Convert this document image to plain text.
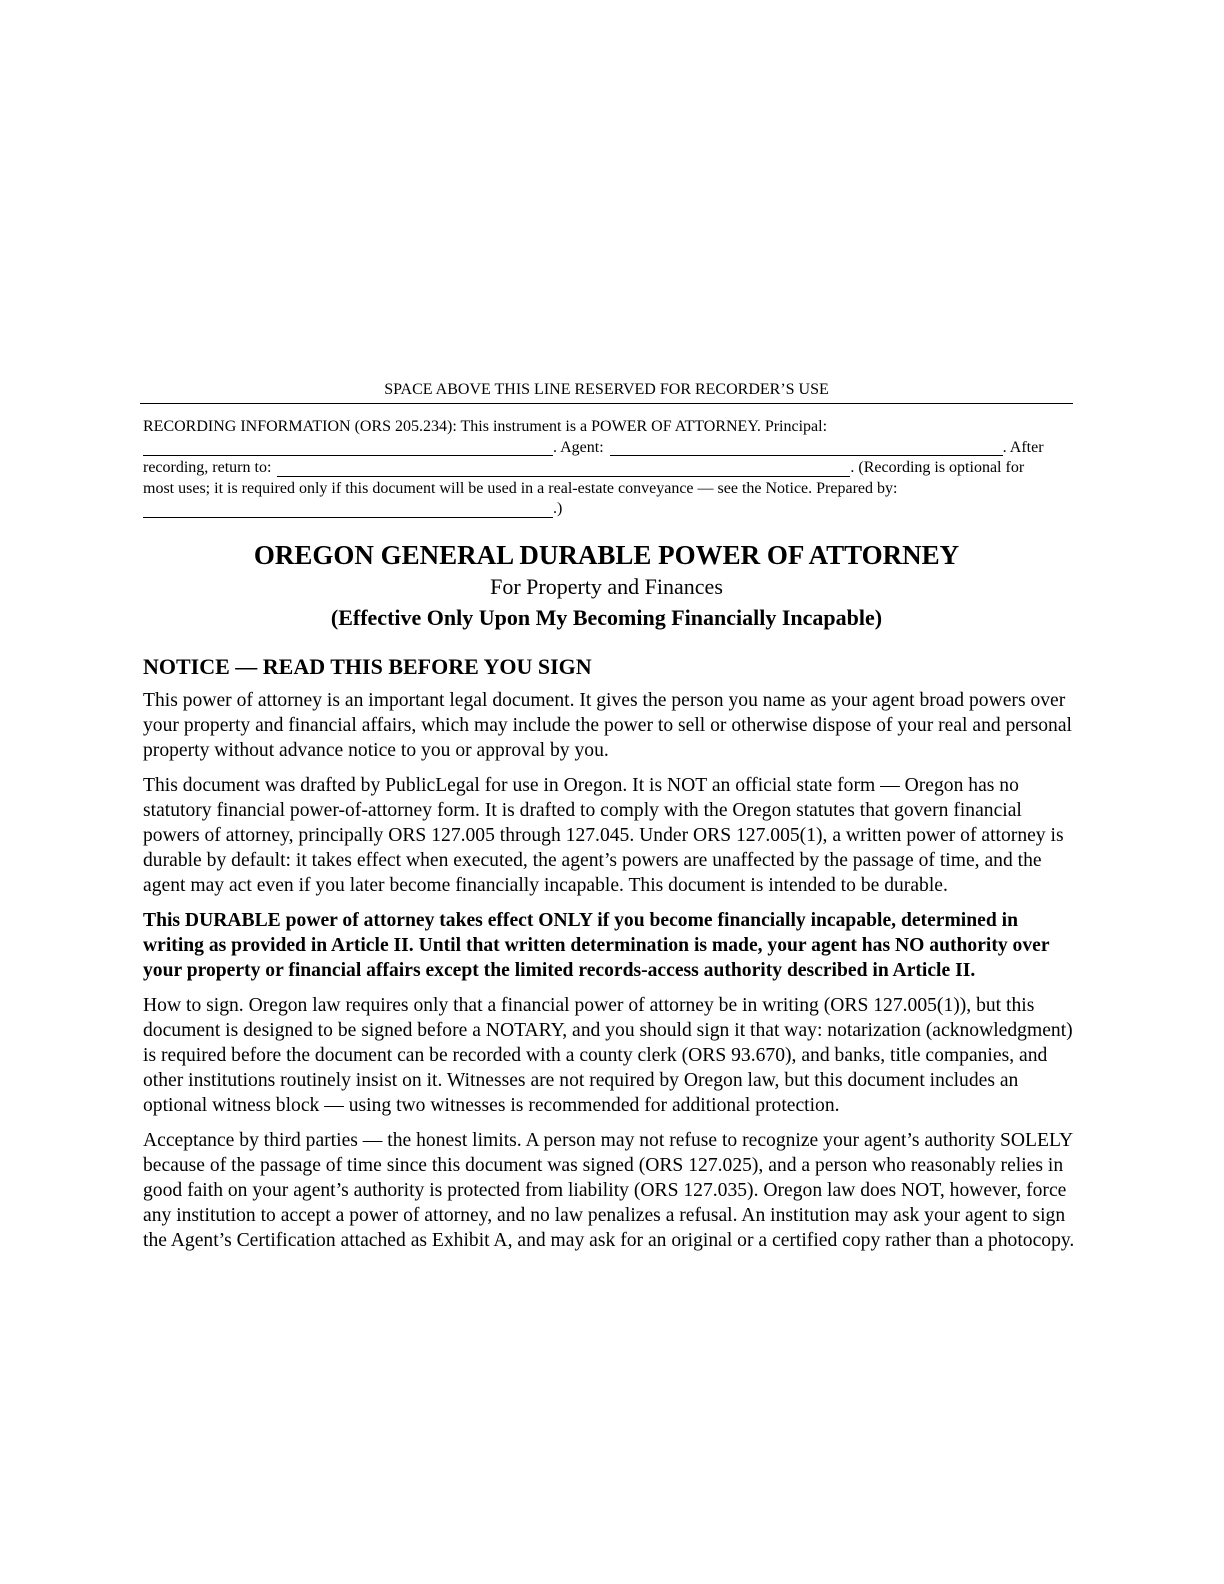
SPACE ABOVE THIS LINE RESERVED FOR RECORDER’S USE
RECORDING INFORMATION (ORS 205.234): This instrument is a POWER OF ATTORNEY. Principal:
. Agent:	. After
recording, return to:	. (Recording is optional for
most uses; it is required only if this document will be used in a real-estate conveyance — see the Notice. Prepared by:
.)
OREGON GENERAL DURABLE POWER OF ATTORNEY

For Property and Finances

(Effective Only Upon My Becoming Financially Incapable)

NOTICE — READ THIS BEFORE YOU SIGN

This power of attorney is an important legal document. It gives the person you name as your agent broad powers over your property and financial affairs, which may include the power to sell or otherwise dispose of your real and personal property without advance notice to you or approval by you.

This document was drafted by PublicLegal for use in Oregon. It is NOT an official state form — Oregon has no statutory financial power-of-attorney form. It is drafted to comply with the Oregon statutes that govern financial powers of attorney, principally ORS 127.005 through 127.045. Under ORS 127.005(1), a written power of attorney is durable by default: it takes effect when executed, the agent’s powers are unaffected by the passage of time, and the agent may act even if you later become financially incapable. This document is intended to be durable.

This DURABLE power of attorney takes effect ONLY if you become financially incapable, determined in writing as provided in Article II. Until that written determination is made, your agent has NO authority over your property or financial affairs except the limited records-access authority described in Article II.

How to sign. Oregon law requires only that a financial power of attorney be in writing (ORS 127.005(1)), but this document is designed to be signed before a NOTARY, and you should sign it that way: notarization (acknowledgment) is required before the document can be recorded with a county clerk (ORS 93.670), and banks, title companies, and other institutions routinely insist on it. Witnesses are not required by Oregon law, but this document includes an optional witness block — using two witnesses is recommended for additional protection.

Acceptance by third parties — the honest limits. A person may not refuse to recognize your agent’s authority SOLELY because of the passage of time since this document was signed (ORS 127.025), and a person who reasonably relies in good faith on your agent’s authority is protected from liability (ORS 127.035). Oregon law does NOT, however, force any institution to accept a power of attorney, and no law penalizes a refusal. An institution may ask your agent to sign the Agent’s Certification attached as Exhibit A, and may ask for an original or a certified copy rather than a photocopy.
